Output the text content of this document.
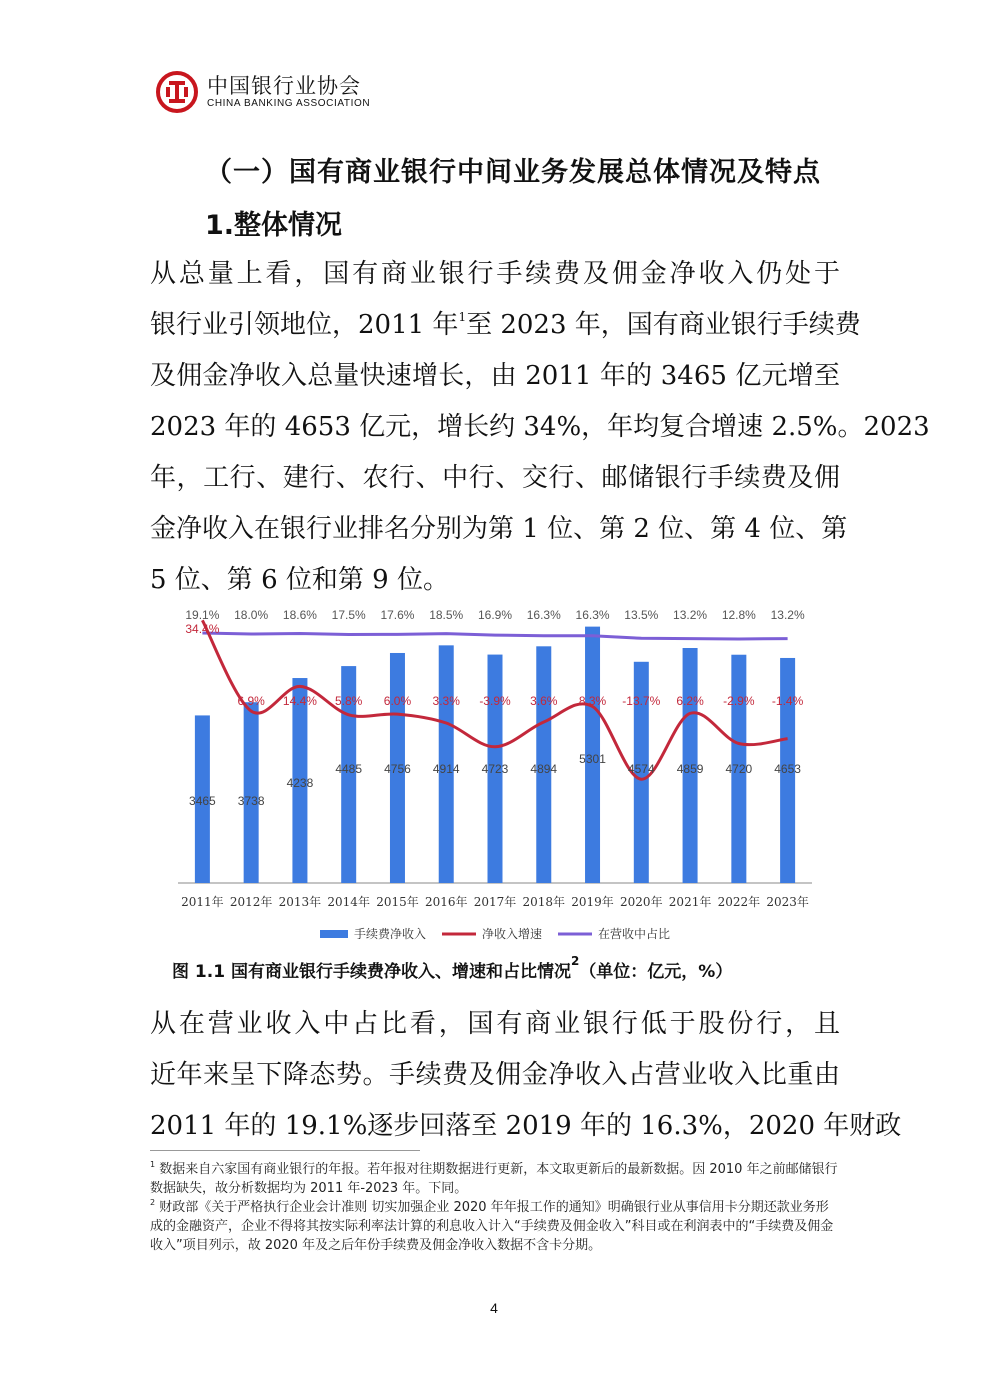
中国银行业协会
CHINA BANKING ASSOCIATION
（一）国有商业银行中间业务发展总体情况及特点
1.整体情况
从总量上看，国有商业银行手续费及佣金净收入仍处于
银行业引领地位，2011 年$^1$至 2023 年，国有商业银行手续费
及佣金净收入总量快速增长，由 2011 年的 3465 亿元增至
2023 年的 4653 亿元，增长约 34%，年均复合增速 2.5%。2023
年，工行、建行、农行、中行、交行、邮储银行手续费及佣
金净收入在银行业排名分别为第 1 位、第 2 位、第 4 位、第
5 位、第 6 位和第 9 位。
19.1% 18.0% 18.6% 17.5% 17.6% 18.5% 16.9% 16.3% 16.3% 13.5% 13.2% 12.8% 13.2%
34.4%
6.9% 14.4% 5.8% 6.0% 3.3% -3.9% 3.6% 8.3% -13.7% 6.2% -2.9% -1.4%
3465 3738
4238
4485 4756 4914 4723 4894
5301
4574 4859 4720 4653
2011年 2012年 2013年 2014年 2015年 2016年 2017年 2018年 2019年 2020年 2021年 2022年 2023年
手续费净收入	净收入增速	在营收中占比
图 1.1 国有商业银行手续费净收入、增速和占比情况$^2$（单位：亿元，%）
从在营业收入中占比看，国有商业银行低于股份行，且
近年来呈下降态势。手续费及佣金净收入占营业收入比重由
2011 年的 19.1%逐步回落至 2019 年的 16.3%，2020 年财政

$^1$ 数据来自六家国有商业银行的年报。若年报对往期数据进行更新，本文取更新后的最新数据。因 2010 年之前邮储银行数据缺失，故分析数据均为 2011 年-2023 年。下同。

$^2$ 财政部《关于严格执行企业会计准则 切实加强企业 2020 年年报工作的通知》明确银行业从事信用卡分期还款业务形成的金融资产，企业不得将其按实际利率法计算的利息收入计入“手续费及佣金收入”科目或在利润表中的“手续费及佣金收入”项目列示，故 2020 年及之后年份手续费及佣金净收入数据不含卡分期。

4
